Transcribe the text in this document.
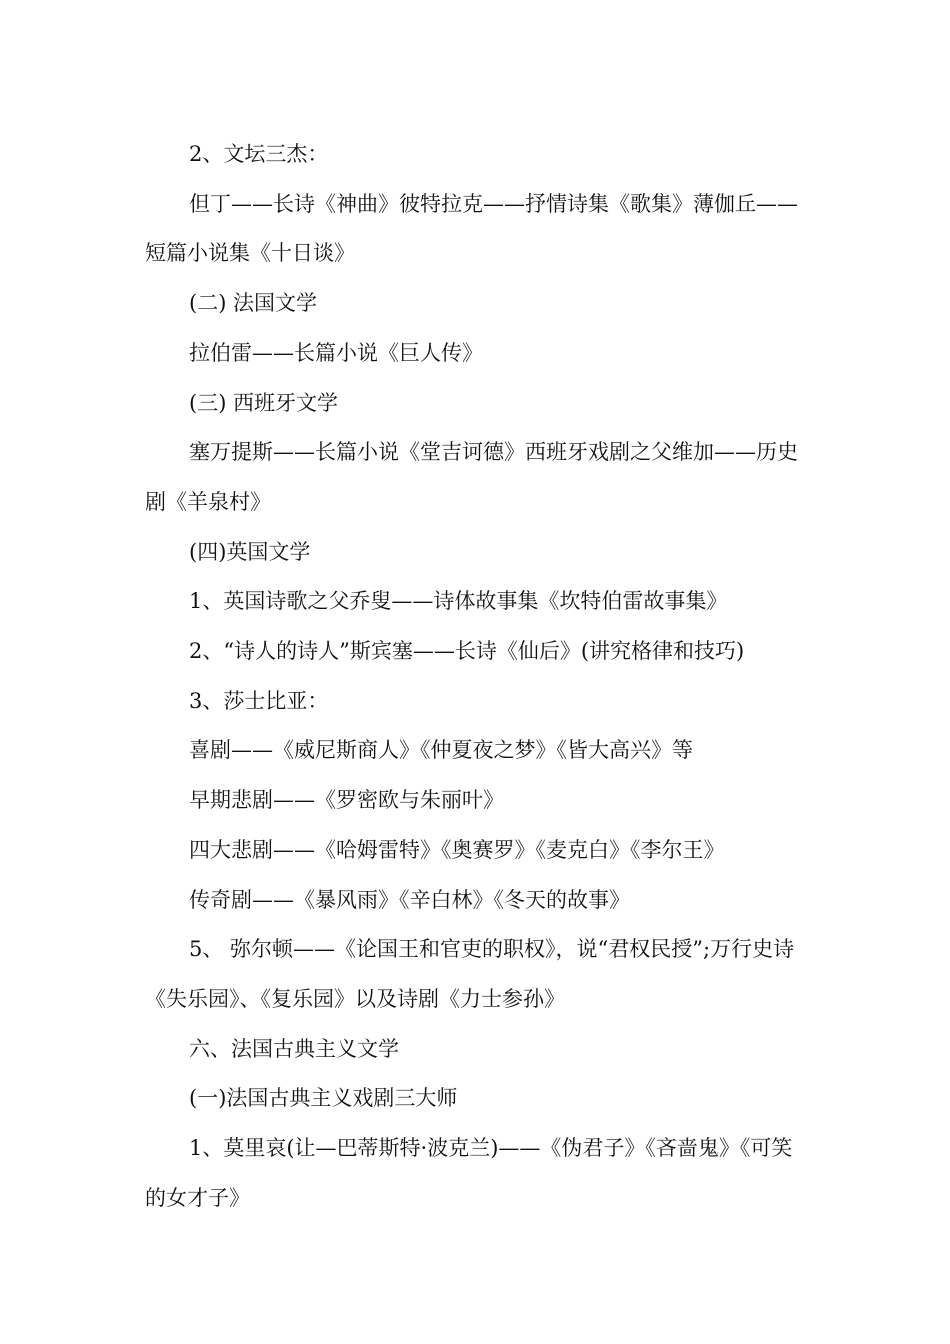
2、文坛三杰：

但丁——长诗《神曲》彼特拉克——抒情诗集《歌集》薄伽丘——短篇小说集《十日谈》

(二) 法国文学

拉伯雷——长篇小说《巨人传》

(三) 西班牙文学

塞万提斯——长篇小说《堂吉诃德》西班牙戏剧之父维加——历史剧《羊泉村》

(四)英国文学

1、英国诗歌之父乔叟——诗体故事集《坎特伯雷故事集》

2、“诗人的诗人”斯宾塞——长诗《仙后》(讲究格律和技巧)

3、莎士比亚：

喜剧——《威尼斯商人》《仲夏夜之梦》《皆大高兴》等

早期悲剧——《罗密欧与朱丽叶》

四大悲剧——《哈姆雷特》《奥赛罗》《麦克白》《李尔王》

传奇剧——《暴风雨》《辛白林》《冬天的故事》

5、 弥尔顿——《论国王和官吏的职权》，说“君权民授”;万行史诗《失乐园》、《复乐园》以及诗剧《力士参孙》

六、法国古典主义文学

(一)法国古典主义戏剧三大师

1、莫里哀(让—巴蒂斯特·波克兰)——《伪君子》《吝啬鬼》《可笑的女才子》
